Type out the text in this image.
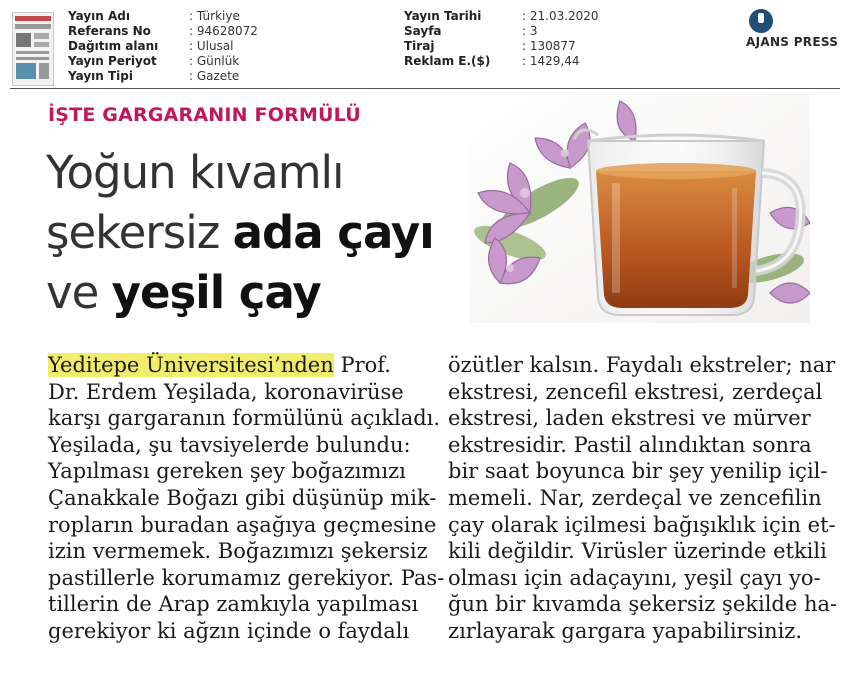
Yayın Adı	: Türkiye
Referans No	: 94628072
Dağıtım alanı	: Ulusal
Yayın Periyot	: Günlük
Yayın Tipi	: Gazete
Yayın Tarihi	: 21.03.2020
Sayfa	: 3
Tiraj	: 130877
Reklam E.($)	: 1429,44
AJANS PRESS
İŞTE GARGARANIN FORMÜLÜ
Yoğun kıvamlı
şekersiz ada çayı
ve yeşil çay
Yeditepe Üniversitesi’nden Prof.
Dr. Erdem Yeşilada, koronavirüse
karşı gargaranın formülünü açıkladı.
Yeşilada, şu tavsiyelerde bulundu:
Yapılması gereken şey boğazımızı
Çanakkale Boğazı gibi düşünüp mik-
ropların buradan aşağıya geçmesine
izin vermemek. Boğazımızı şekersiz
pastillerle korumamız gerekiyor. Pas-
tillerin de Arap zamkıyla yapılması
gerekiyor ki ağzın içinde o faydalı
özütler kalsın. Faydalı ekstreler; nar
ekstresi, zencefil ekstresi, zerdeçal
ekstresi, laden ekstresi ve mürver
ekstresidir. Pastil alındıktan sonra
bir saat boyunca bir şey yenilip içil-
memeli. Nar, zerdeçal ve zencefilin
çay olarak içilmesi bağışıklık için et-
kili değildir. Virüsler üzerinde etkili
olması için adaçayını, yeşil çayı yo-
ğun bir kıvamda şekersiz şekilde ha-
zırlayarak gargara yapabilirsiniz.
